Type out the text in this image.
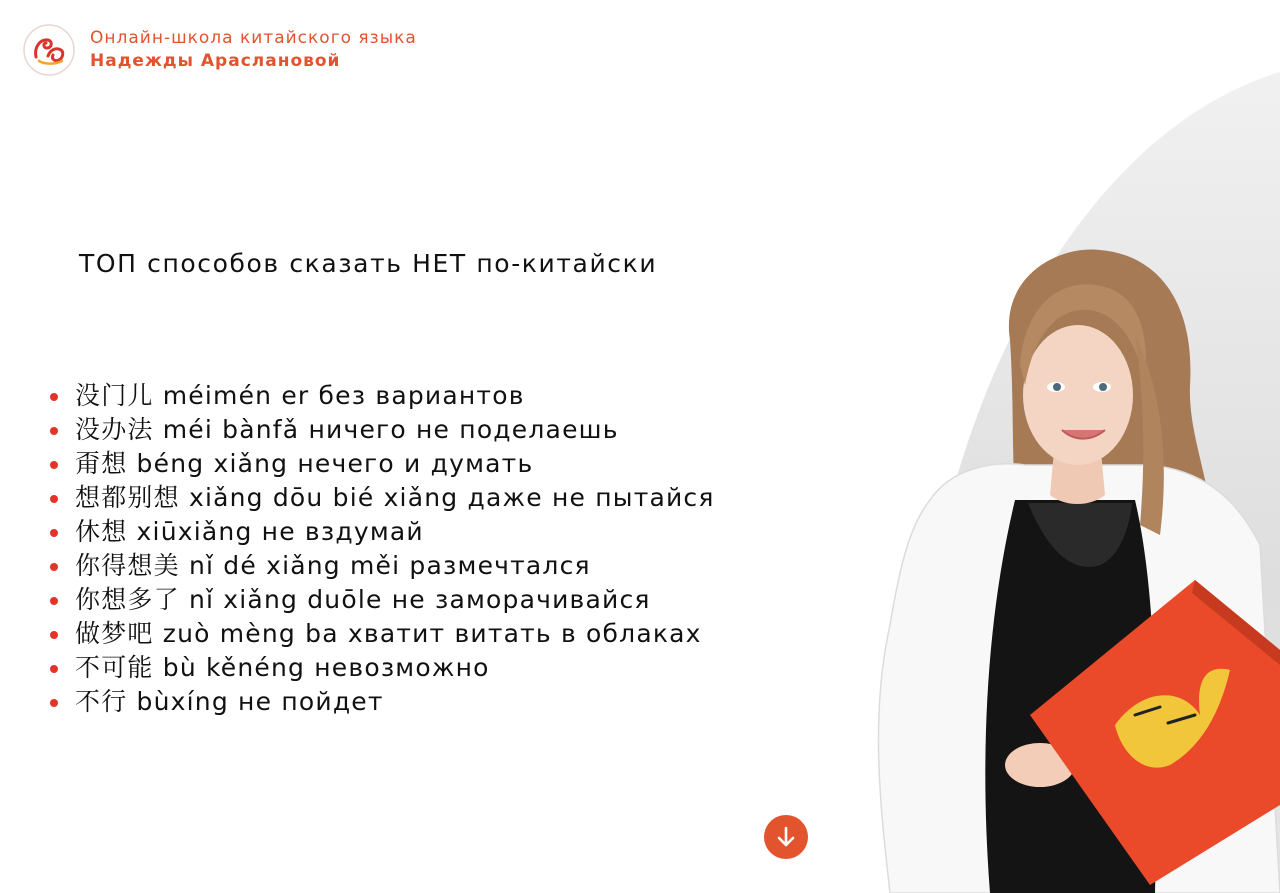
Онлайн-школа китайского языка
Надежды Араслановой
ТОП способов сказать НЕТ по-китайски
没门儿 méimén er без вариантов
没办法 méi bànfǎ ничего не поделаешь
甭想 béng xiǎng нечего и думать
想都别想 xiǎng dōu bié xiǎng даже не пытайся
休想 xiūxiǎng не вздумай
你得想美 nǐ dé xiǎng měi размечтался
你想多了 nǐ xiǎng duōle не заморачивайся
做梦吧 zuò mèng ba хватит витать в облаках
不可能 bù kěnéng невозможно
不行 bùxíng не пойдет
